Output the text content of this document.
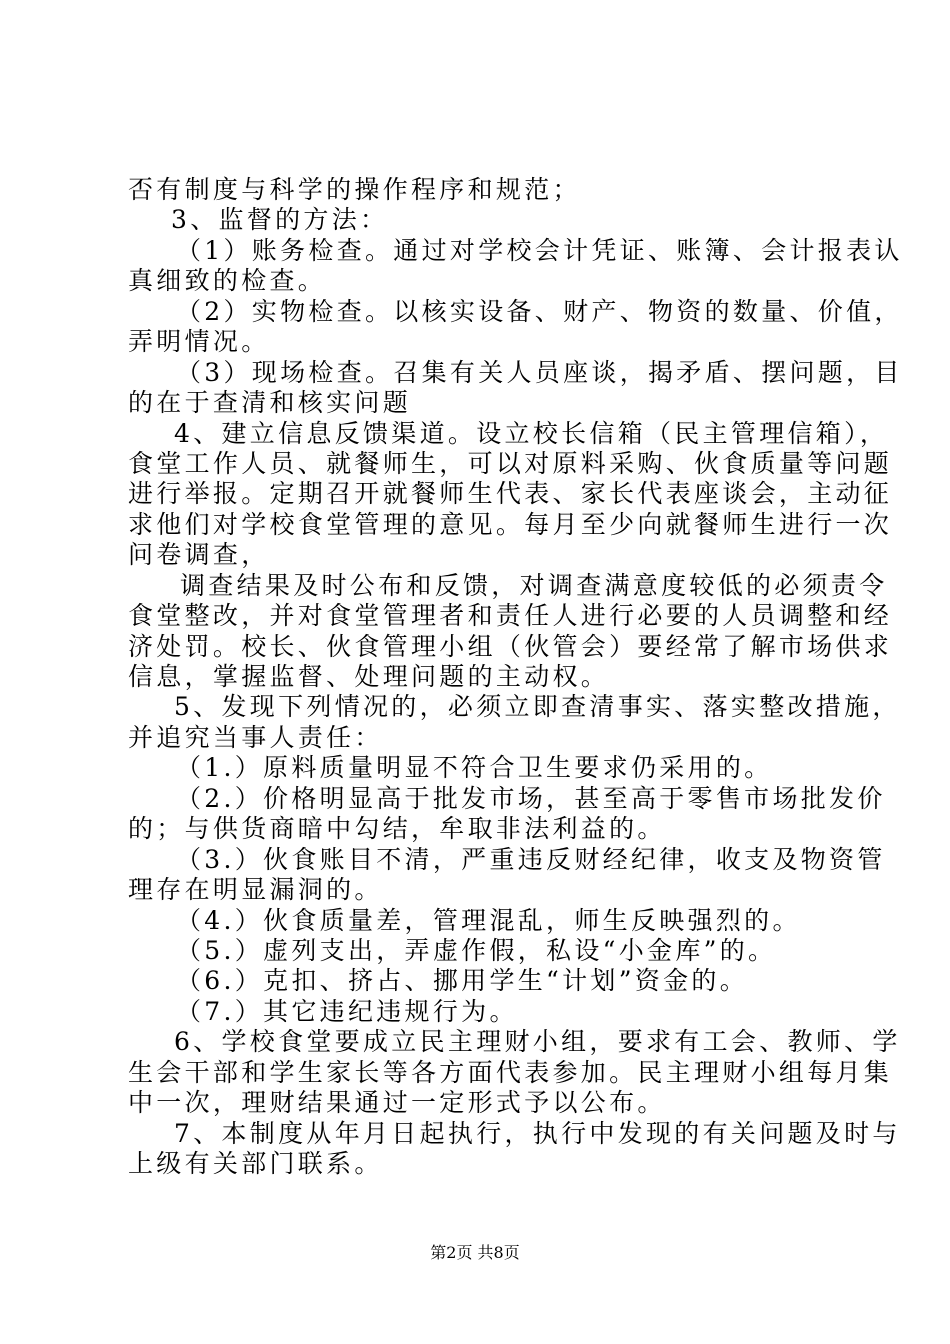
否有制度与科学的操作程序和规范；
3、监督的方法：
（1）账务检查。通过对学校会计凭证、账簿、会计报表认
真细致的检查。
（2）实物检查。以核实设备、财产、物资的数量、价值，
弄明情况。
（3）现场检查。召集有关人员座谈，揭矛盾、摆问题，目
的在于查清和核实问题
4、建立信息反馈渠道。设立校长信箱（民主管理信箱），
食堂工作人员、就餐师生，可以对原料采购、伙食质量等问题
进行举报。定期召开就餐师生代表、家长代表座谈会，主动征
求他们对学校食堂管理的意见。每月至少向就餐师生进行一次
问卷调查，
调查结果及时公布和反馈，对调查满意度较低的必须责令
食堂整改，并对食堂管理者和责任人进行必要的人员调整和经
济处罚。校长、伙食管理小组（伙管会）要经常了解市场供求
信息，掌握监督、处理问题的主动权。
5、发现下列情况的，必须立即查清事实、落实整改措施，
并追究当事人责任：
（1.）原料质量明显不符合卫生要求仍采用的。
（2.）价格明显高于批发市场，甚至高于零售市场批发价
的；与供货商暗中勾结，牟取非法利益的。
（3.）伙食账目不清，严重违反财经纪律，收支及物资管
理存在明显漏洞的。
（4.）伙食质量差，管理混乱，师生反映强烈的。
（5.）虚列支出，弄虚作假，私设“小金库”的。
（6.）克扣、挤占、挪用学生“计划”资金的。
（7.）其它违纪违规行为。
6、学校食堂要成立民主理财小组，要求有工会、教师、学
生会干部和学生家长等各方面代表参加。民主理财小组每月集
中一次，理财结果通过一定形式予以公布。
7、本制度从年月日起执行，执行中发现的有关问题及时与
上级有关部门联系。
第2页 共8页
